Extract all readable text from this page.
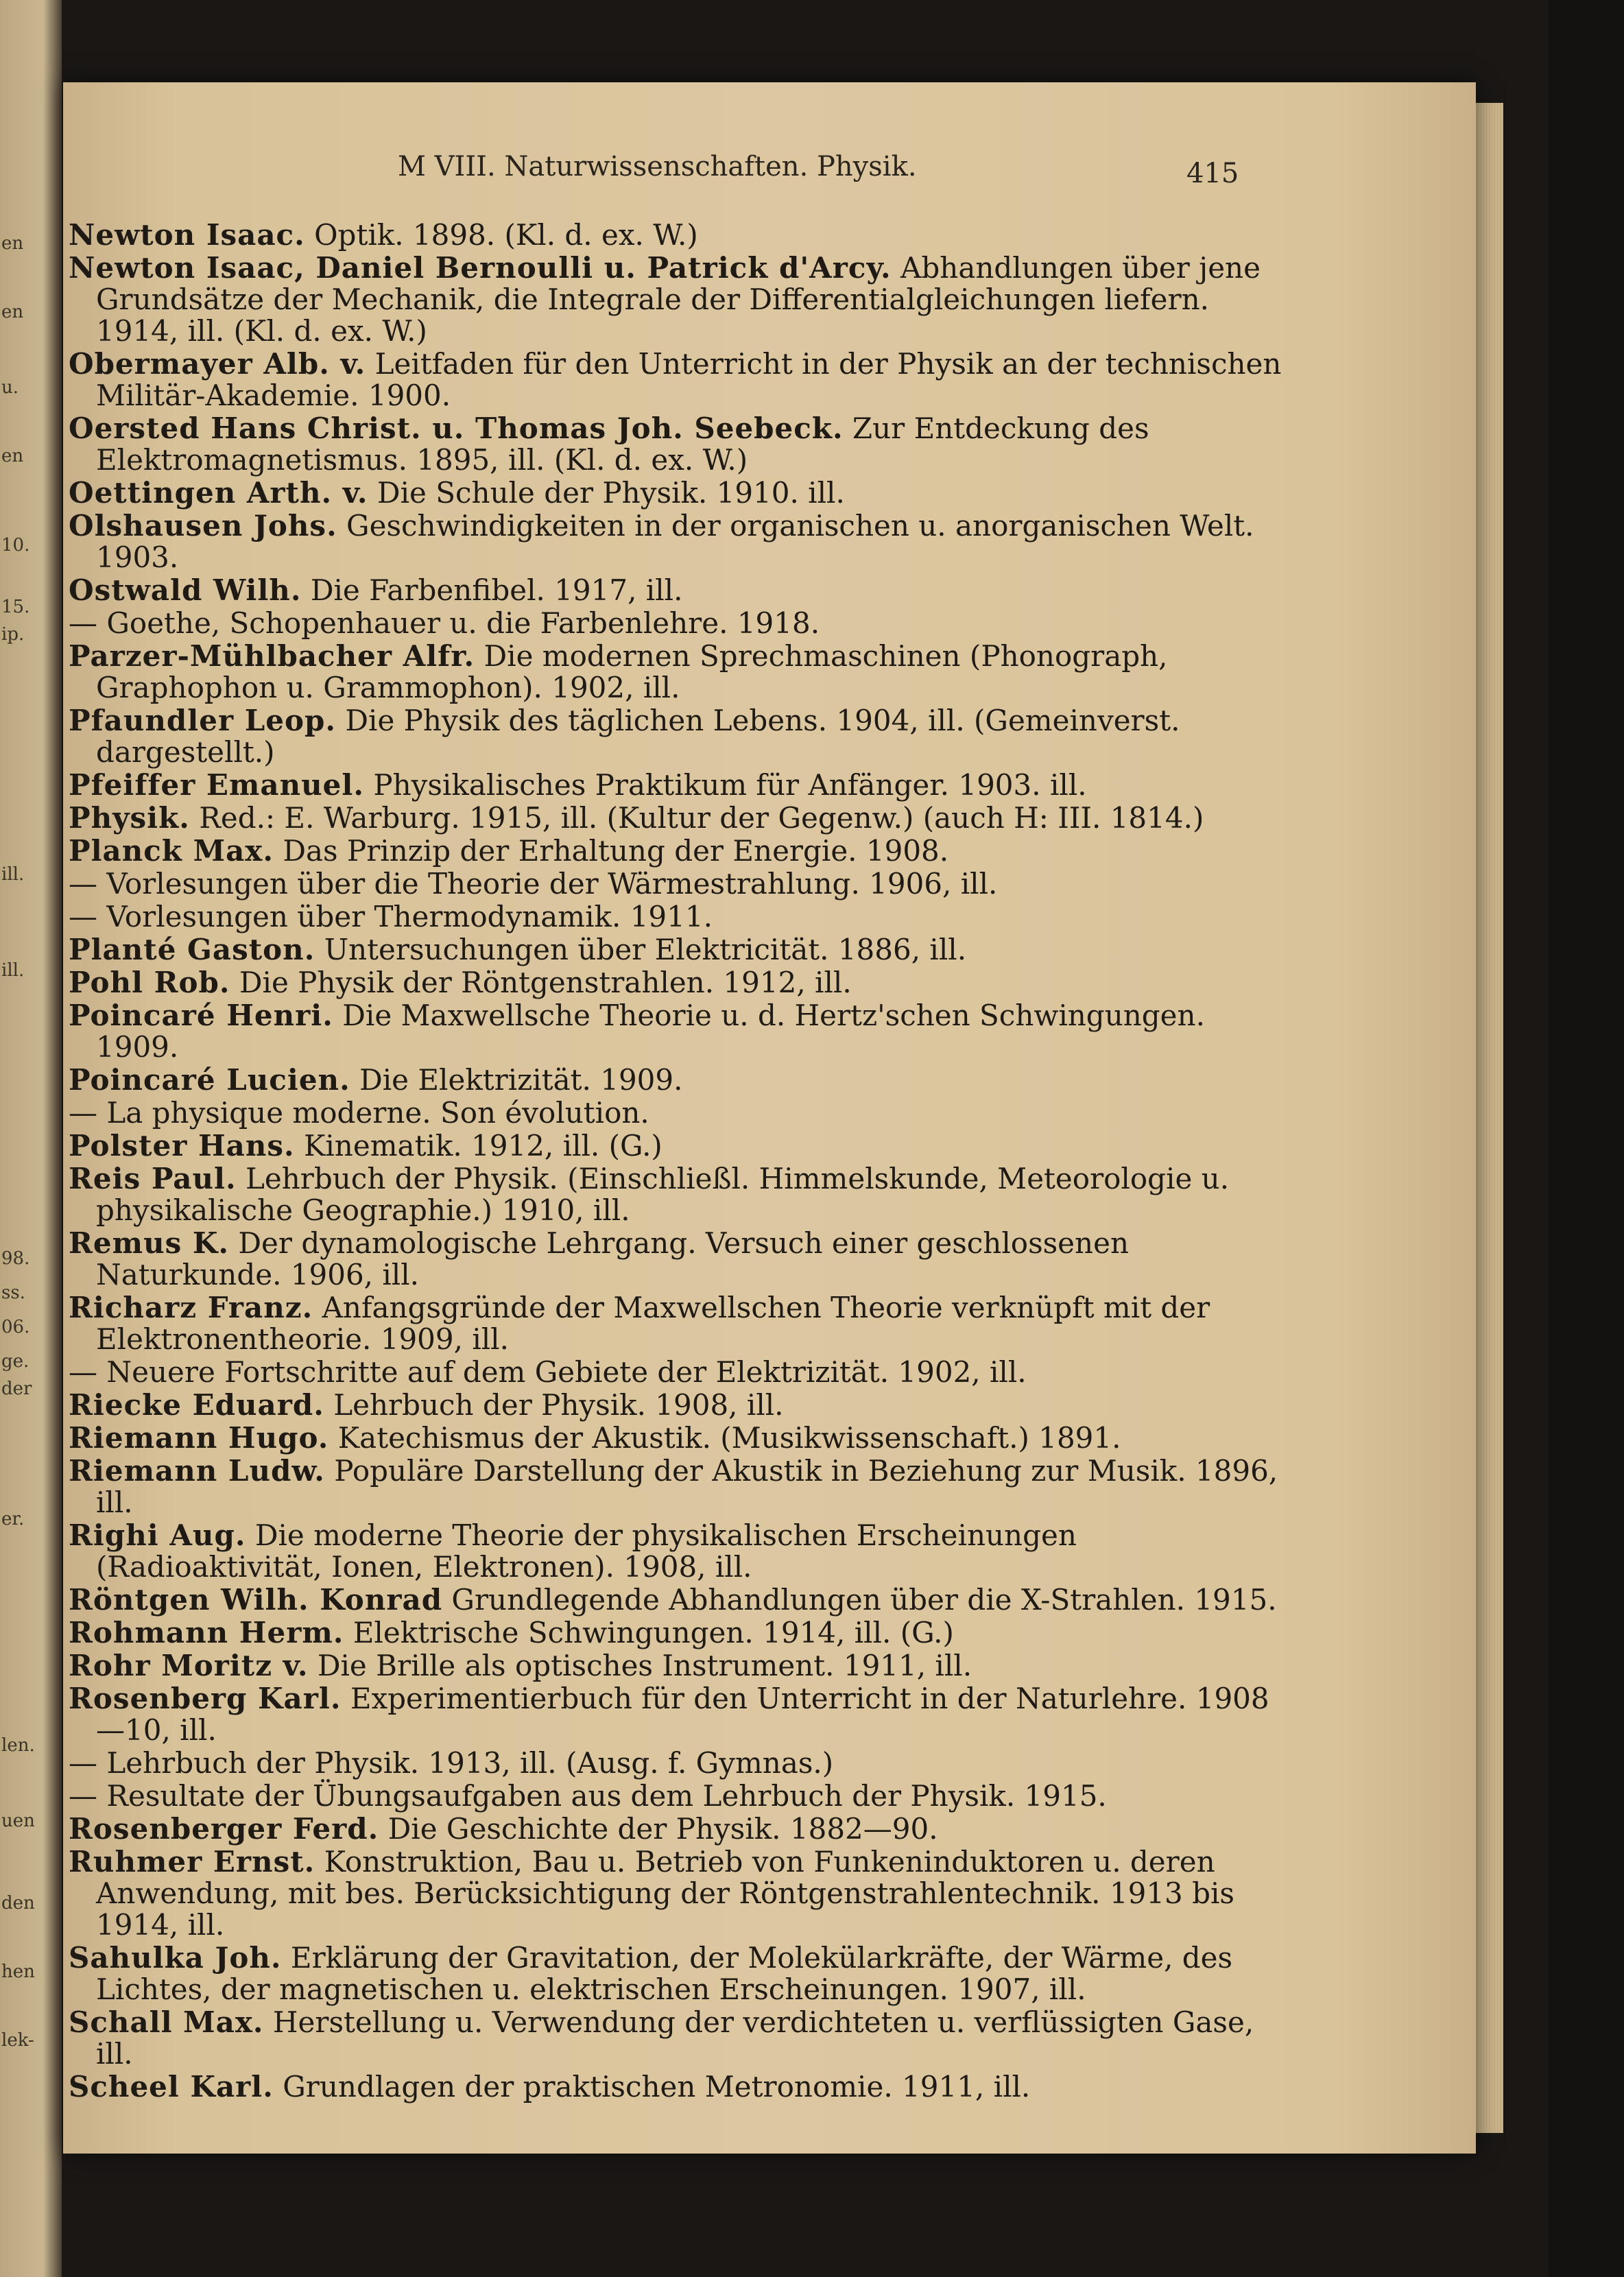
en
en
u.
en
10.
15.
ip.
ill.
ill.
98.
ss.
06.
ge.
der
er.
len.
uen
den
hen
lek-
M VIII. Naturwissenschaften. Physik.	415
Newton Isaac. Optik. 1898. (Kl. d. ex. W.)
Newton Isaac, Daniel Bernoulli u. Patrick d'Arcy. Abhandlungen über jene Grundsätze der Mechanik, die Integrale der Differentialgleichungen liefern. 1914, ill. (Kl. d. ex. W.)
Obermayer Alb. v. Leitfaden für den Unterricht in der Physik an der technischen Militär-Akademie. 1900.
Oersted Hans Christ. u. Thomas Joh. Seebeck. Zur Entdeckung des Elektromagnetismus. 1895, ill. (Kl. d. ex. W.)
Oettingen Arth. v. Die Schule der Physik. 1910. ill.
Olshausen Johs. Geschwindigkeiten in der organischen u. anorganischen Welt. 1903.
Ostwald Wilh. Die Farbenfibel. 1917, ill.
— Goethe, Schopenhauer u. die Farbenlehre. 1918.
Parzer-Mühlbacher Alfr. Die modernen Sprechmaschinen (Phonograph, Graphophon u. Grammophon). 1902, ill.
Pfaundler Leop. Die Physik des täglichen Lebens. 1904, ill. (Gemeinverst. dargestellt.)
Pfeiffer Emanuel. Physikalisches Praktikum für Anfänger. 1903. ill.
Physik. Red.: E. Warburg. 1915, ill. (Kultur der Gegenw.) (auch H: III. 1814.)
Planck Max. Das Prinzip der Erhaltung der Energie. 1908.
— Vorlesungen über die Theorie der Wärmestrahlung. 1906, ill.
— Vorlesungen über Thermodynamik. 1911.
Planté Gaston. Untersuchungen über Elektricität. 1886, ill.
Pohl Rob. Die Physik der Röntgenstrahlen. 1912, ill.
Poincaré Henri. Die Maxwellsche Theorie u. d. Hertz'schen Schwingungen. 1909.
Poincaré Lucien. Die Elektrizität. 1909.
— La physique moderne. Son évolution.
Polster Hans. Kinematik. 1912, ill. (G.)
Reis Paul. Lehrbuch der Physik. (Einschließl. Himmelskunde, Meteorologie u. physikalische Geographie.) 1910, ill.
Remus K. Der dynamologische Lehrgang. Versuch einer geschlossenen Naturkunde. 1906, ill.
Richarz Franz. Anfangsgründe der Maxwellschen Theorie verknüpft mit der Elektronentheorie. 1909, ill.
— Neuere Fortschritte auf dem Gebiete der Elektrizität. 1902, ill.
Riecke Eduard. Lehrbuch der Physik. 1908, ill.
Riemann Hugo. Katechismus der Akustik. (Musikwissenschaft.) 1891.
Riemann Ludw. Populäre Darstellung der Akustik in Beziehung zur Musik. 1896, ill.
Righi Aug. Die moderne Theorie der physikalischen Erscheinungen (Radioaktivität, Ionen, Elektronen). 1908, ill.
Röntgen Wilh. Konrad Grundlegende Abhandlungen über die X-Strahlen. 1915.
Rohmann Herm. Elektrische Schwingungen. 1914, ill. (G.)
Rohr Moritz v. Die Brille als optisches Instrument. 1911, ill.
Rosenberg Karl. Experimentierbuch für den Unterricht in der Naturlehre. 1908—10, ill.
— Lehrbuch der Physik. 1913, ill. (Ausg. f. Gymnas.)
— Resultate der Übungsaufgaben aus dem Lehrbuch der Physik. 1915.
Rosenberger Ferd. Die Geschichte der Physik. 1882—90.
Ruhmer Ernst. Konstruktion, Bau u. Betrieb von Funkeninduktoren u. deren Anwendung, mit bes. Berücksichtigung der Röntgenstrahlentechnik. 1913 bis 1914, ill.
Sahulka Joh. Erklärung der Gravitation, der Molekülarkräfte, der Wärme, des Lichtes, der magnetischen u. elektrischen Erscheinungen. 1907, ill.
Schall Max. Herstellung u. Verwendung der verdichteten u. verflüssigten Gase, ill.
Scheel Karl. Grundlagen der praktischen Metronomie. 1911, ill.
